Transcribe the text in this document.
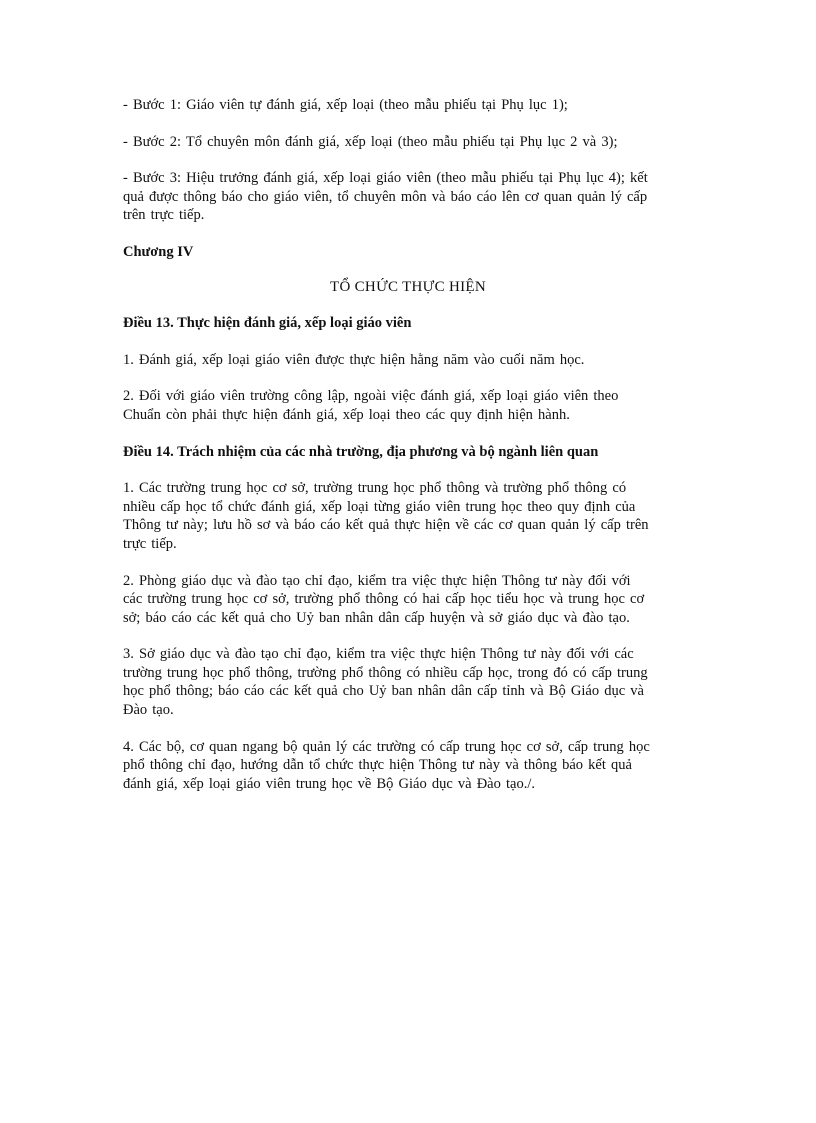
- Bước 1: Giáo viên tự đánh giá, xếp loại (theo mẫu phiếu tại Phụ lục 1);

- Bước 2: Tổ chuyên môn đánh giá, xếp loại (theo mẫu phiếu tại Phụ lục 2 và 3);

- Bước 3: Hiệu trưởng đánh giá, xếp loại giáo viên (theo mẫu phiếu tại Phụ lục 4); kết
quả được thông báo cho giáo viên, tổ chuyên môn và báo cáo lên cơ quan quản lý cấp
trên trực tiếp.

Chương IV

TỔ CHỨC THỰC HIỆN

Điều 13. Thực hiện đánh giá, xếp loại giáo viên

1. Đánh giá, xếp loại giáo viên được thực hiện hằng năm vào cuối năm học.

2. Đối với giáo viên trường công lập, ngoài việc đánh giá, xếp loại giáo viên theo
Chuẩn còn phải thực hiện đánh giá, xếp loại theo các quy định hiện hành.

Điều 14. Trách nhiệm của các nhà trường, địa phương và bộ ngành liên quan

1. Các trường trung học cơ sở, trường trung học phổ thông và trường phổ thông có
nhiều cấp học tổ chức đánh giá, xếp loại từng giáo viên trung học theo quy định của
Thông tư này; lưu hồ sơ và báo cáo kết quả thực hiện về các cơ quan quản lý cấp trên
trực tiếp.

2. Phòng giáo dục và đào tạo chỉ đạo, kiểm tra việc thực hiện Thông tư này đối với
các trường trung học cơ sở, trường phổ thông có hai cấp học tiểu học và trung học cơ
sở; báo cáo các kết quả cho Uỷ ban nhân dân cấp huyện và sở giáo dục và đào tạo.

3. Sở giáo dục và đào tạo chỉ đạo, kiểm tra việc thực hiện Thông tư này đối với các
trường trung học phổ thông, trường phổ thông có nhiều cấp học, trong đó có cấp trung
học phổ thông; báo cáo các kết quả cho Uỷ ban nhân dân cấp tỉnh và Bộ Giáo dục và
Đào tạo.

4. Các bộ, cơ quan ngang bộ quản lý các trường có cấp trung học cơ sở, cấp trung học
phổ thông chỉ đạo, hướng dẫn tổ chức thực hiện Thông tư này và thông báo kết quả
đánh giá, xếp loại giáo viên trung học về Bộ Giáo dục và Đào tạo./.
